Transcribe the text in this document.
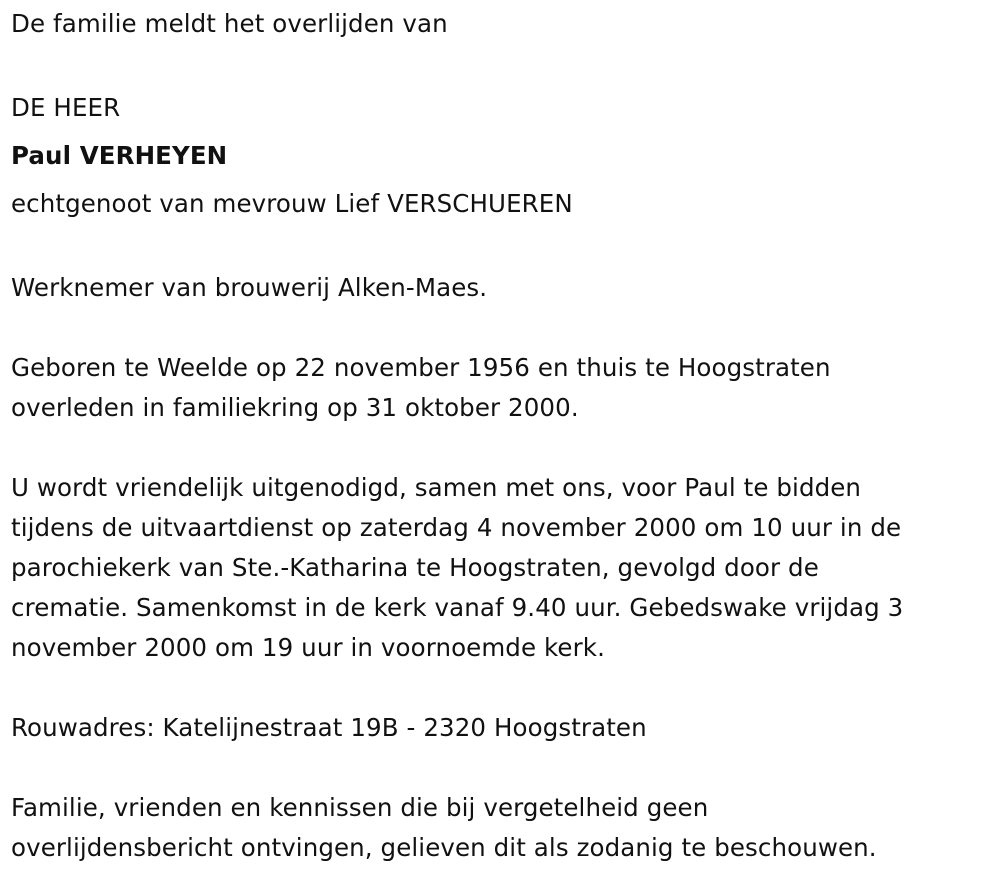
De familie meldt het overlijden van

DE HEER

Paul VERHEYEN

echtgenoot van mevrouw Lief VERSCHUEREN

Werknemer van brouwerij Alken-Maes.

Geboren te Weelde op 22 november 1956 en thuis te Hoogstraten

overleden in familiekring op 31 oktober 2000.

U wordt vriendelijk uitgenodigd, samen met ons, voor Paul te bidden

tijdens de uitvaartdienst op zaterdag 4 november 2000 om 10 uur in de

parochiekerk van Ste.-Katharina te Hoogstraten, gevolgd door de

crematie. Samenkomst in de kerk vanaf 9.40 uur. Gebedswake vrijdag 3

november 2000 om 19 uur in voornoemde kerk.

Rouwadres: Katelijnestraat 19B - 2320 Hoogstraten

Familie, vrienden en kennissen die bij vergetelheid geen

overlijdensbericht ontvingen, gelieven dit als zodanig te beschouwen.
